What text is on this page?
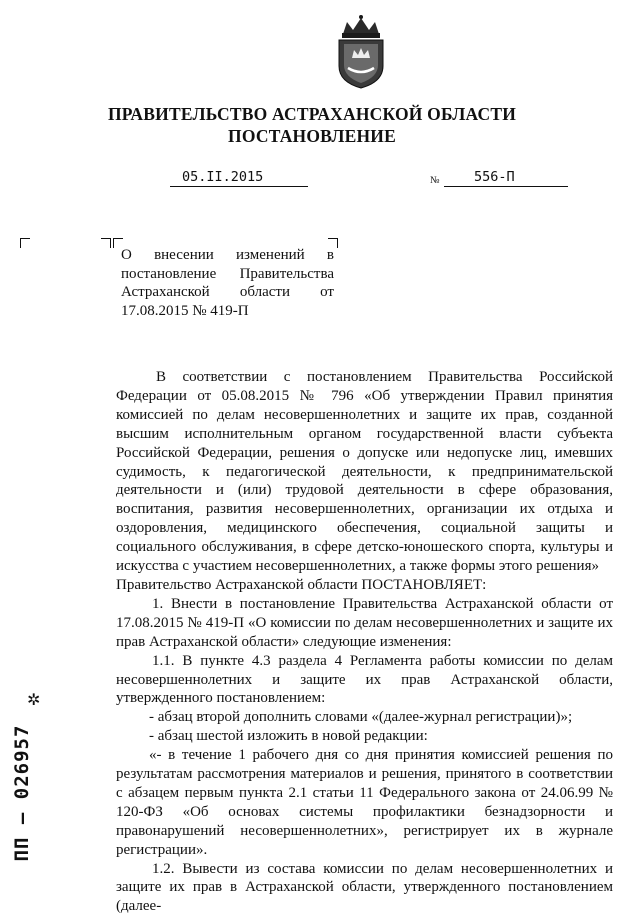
ПРАВИТЕЛЬСТВО АСТРАХАНСКОЙ ОБЛАСТИ
ПОСТАНОВЛЕНИЕ
05.II.2015	№	556-П
О внесении изменений в постановление Правительства Астраханской области от 17.08.2015 № 419-П

В соответствии с постановлением Правительства Российской Федерации от 05.08.2015 № 796 «Об утверждении Правил принятия комиссией по делам несовершеннолетних и защите их прав, созданной высшим исполнительным органом государственной власти субъекта Российской Федерации, решения о допуске или недопуске лиц, имевших судимость, к педагогической деятельности, к предпринимательской деятельности и (или) трудовой деятельности в сфере образования, воспитания, развития несовершеннолетних, организации их отдыха и оздоровления, медицинского обеспечения, социальной защиты и социального обслуживания, в сфере детско-юношеского спорта, культуры и искусства с участием несовершеннолетних, а также формы этого решения»

Правительство Астраханской области ПОСТАНОВЛЯЕТ:

1. Внести в постановление Правительства Астраханской области от 17.08.2015 № 419-П «О комиссии по делам несовершеннолетних и защите их прав Астраханской области» следующие изменения:

1.1. В пункте 4.3 раздела 4 Регламента работы комиссии по делам несовершеннолетних и защите их прав Астраханской области, утвержденного постановлением:

- абзац второй дополнить словами «(далее-журнал регистрации)»;

- абзац шестой изложить в новой редакции:

«- в течение 1 рабочего дня со дня принятия комиссией решения по результатам рассмотрения материалов и решения, принятого в соответствии с абзацем первым пункта 2.1 статьи 11 Федерального закона от 24.06.99 № 120-ФЗ «Об основах системы профилактики безнадзорности и правонарушений несовершеннолетних», регистрирует их в журнале регистрации».

1.2. Вывести из состава комиссии по делам несовершеннолетних и защите их прав в Астраханской области, утвержденного постановлением (далее-

✲
ПП – 026957
